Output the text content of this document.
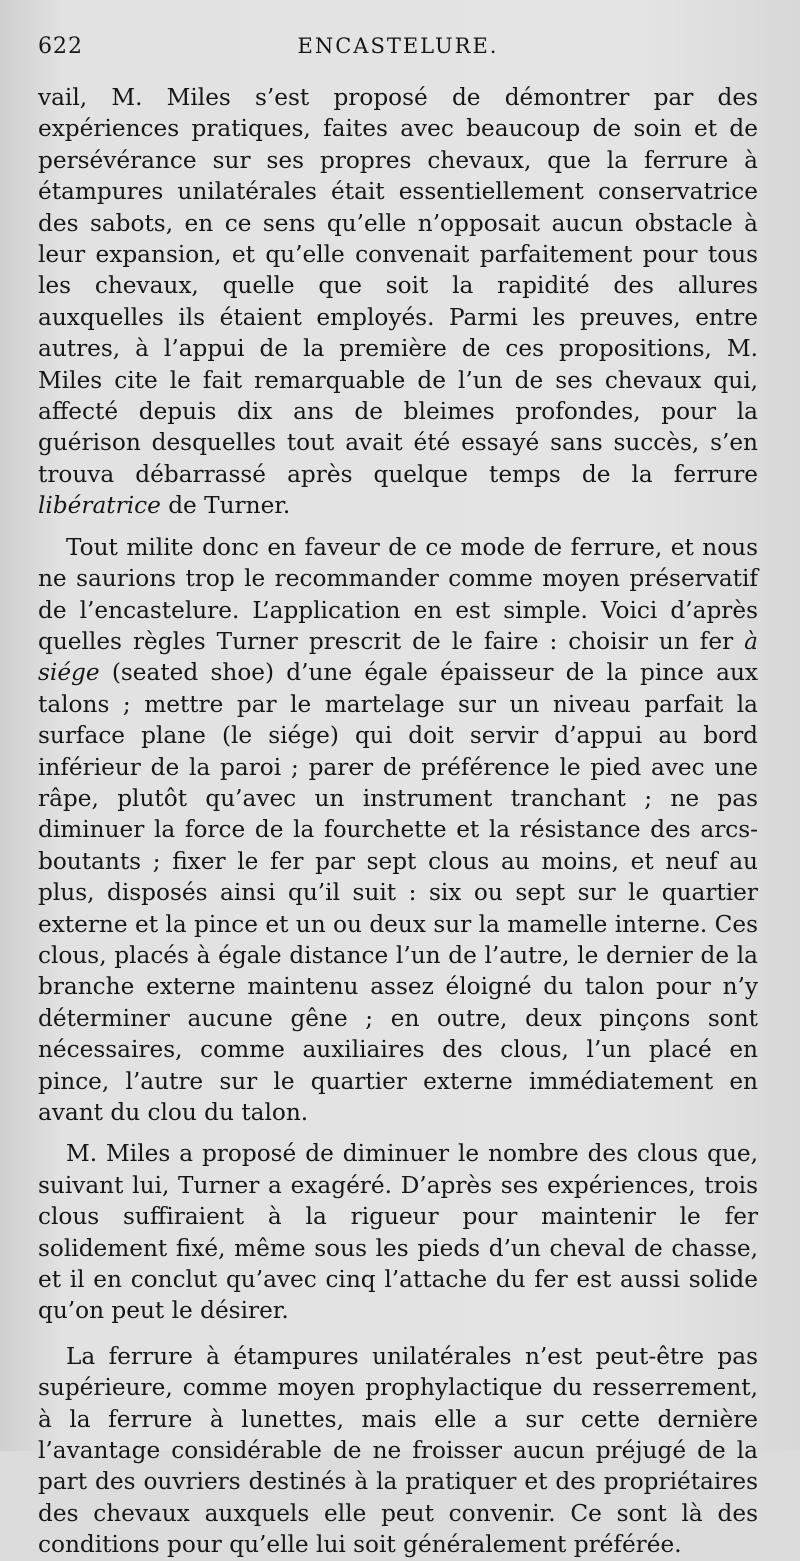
622	ENCASTELURE.

vail, M. Miles s’est proposé de démontrer par des expériences pratiques, faites avec beaucoup de soin et de persévérance sur ses propres chevaux, que la ferrure à étampures unilatérales était essentiellement conservatrice des sabots, en ce sens qu’elle n’opposait aucun obstacle à leur expansion, et qu’elle convenait parfaitement pour tous les chevaux, quelle que soit la rapidité des allures auxquelles ils étaient employés. Parmi les preuves, entre autres, à l’appui de la première de ces propositions, M. Miles cite le fait remarquable de l’un de ses chevaux qui, affecté depuis dix ans de bleimes profondes, pour la guérison desquelles tout avait été essayé sans succès, s’en trouva débarrassé après quelque temps de la ferrure libératrice de Turner.

Tout milite donc en faveur de ce mode de ferrure, et nous ne saurions trop le recommander comme moyen préservatif de l’encastelure. L’application en est simple. Voici d’après quelles règles Turner prescrit de le faire : choisir un fer à siége (seated shoe) d’une égale épaisseur de la pince aux talons ; mettre par le martelage sur un niveau parfait la surface plane (le siége) qui doit servir d’appui au bord inférieur de la paroi ; parer de préférence le pied avec une râpe, plutôt qu’avec un instrument tranchant ; ne pas diminuer la force de la fourchette et la résistance des arcs-boutants ; fixer le fer par sept clous au moins, et neuf au plus, disposés ainsi qu’il suit : six ou sept sur le quartier externe et la pince et un ou deux sur la mamelle interne. Ces clous, placés à égale distance l’un de l’autre, le dernier de la branche externe maintenu assez éloigné du talon pour n’y déterminer aucune gêne ; en outre, deux pinçons sont nécessaires, comme auxiliaires des clous, l’un placé en pince, l’autre sur le quartier externe immédiatement en avant du clou du talon.

M. Miles a proposé de diminuer le nombre des clous que, suivant lui, Turner a exagéré. D’après ses expériences, trois clous suffiraient à la rigueur pour maintenir le fer solidement fixé, même sous les pieds d’un cheval de chasse, et il en conclut qu’avec cinq l’attache du fer est aussi solide qu’on peut le désirer.

La ferrure à étampures unilatérales n’est peut-être pas supérieure, comme moyen prophylactique du resserrement, à la ferrure à lunettes, mais elle a sur cette dernière l’avantage considérable de ne froisser aucun préjugé de la part des ouvriers destinés à la pratiquer et des propriétaires des chevaux auxquels elle peut convenir. Ce sont là des conditions pour qu’elle lui soit généralement préférée.
